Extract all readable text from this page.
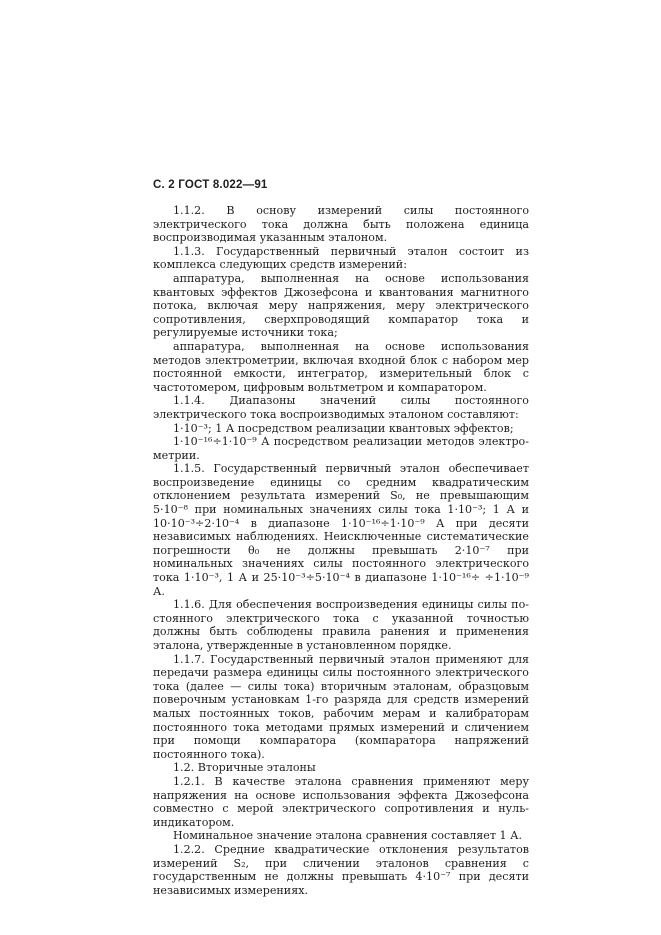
С. 2 ГОСТ 8.022—91

1.1.2. В основу измерений силы постоянного электрического тока должна быть положена единица воспроизводимая указанным эталоном.

1.1.3. Государственный первичный эталон состоит из комплекса следующих средств измерений:

аппаратура, выполненная на основе использования квантовых эффектов Джозефсона и квантования магнитного потока, включая меру напряжения, меру электрического сопротивления, сверхпроводящий компаратор тока и регулируемые источники тока;

аппаратура, выполненная на основе использования методов электрометрии, включая входной блок с набором мер постоянной емкости, интегратор, измерительный блок с частотомером, цифровым вольтметром и компаратором.

1.1.4. Диапазоны значений силы постоянного электрического тока воспроизводимых эталоном составляют:

1·10⁻³; 1 А посредством реализации квантовых эффектов;

1·10⁻¹⁶÷1·10⁻⁹ А посредством реализации методов электрометрии.

1.1.5. Государственный первичный эталон обеспечивает воспроизведение единицы со средним квадратическим отклонением результата измерений S₀, не превышающим 5·10⁻⁸ при номинальных значениях силы тока 1·10⁻³; 1 А и 10·10⁻³÷2·10⁻⁴ в диапазоне 1·10⁻¹⁶÷1·10⁻⁹ А при десяти независимых наблюдениях. Неисключенные систематические погрешности θ₀ не должны превышать 2·10⁻⁷ при номинальных значениях силы постоянного электрического тока 1·10⁻³, 1 А и 25·10⁻³÷5·10⁻⁴ в диапазоне 1·10⁻¹⁶÷ ÷1·10⁻⁹ А.

1.1.6. Для обеспечения воспроизведения единицы силы постоянного электрического тока с указанной точностью должны быть соблюдены правила ранения и применения эталона, утвержденные в установленном порядке.

1.1.7. Государственный первичный эталон применяют для передачи размера единицы силы постоянного электрического тока (далее — силы тока) вторичным эталонам, образцовым поверочным установкам 1-го разряда для средств измерений малых постоянных токов, рабочим мерам и калибраторам постоянного тока методами прямых измерений и сличением при помощи компаратора (компаратора напряжений постоянного тока).

1.2. Вторичные эталоны

1.2.1. В качестве эталона сравнения применяют меру напряжения на основе использования эффекта Джозефсона совместно с мерой электрического сопротивления и нуль-индикатором.

Номинальное значение эталона сравнения составляет 1 А.

1.2.2. Средние квадратические отклонения результатов измерений S₂, при сличении эталонов сравнения с государственным не должны превышать 4·10⁻⁷ при десяти независимых измерениях.
